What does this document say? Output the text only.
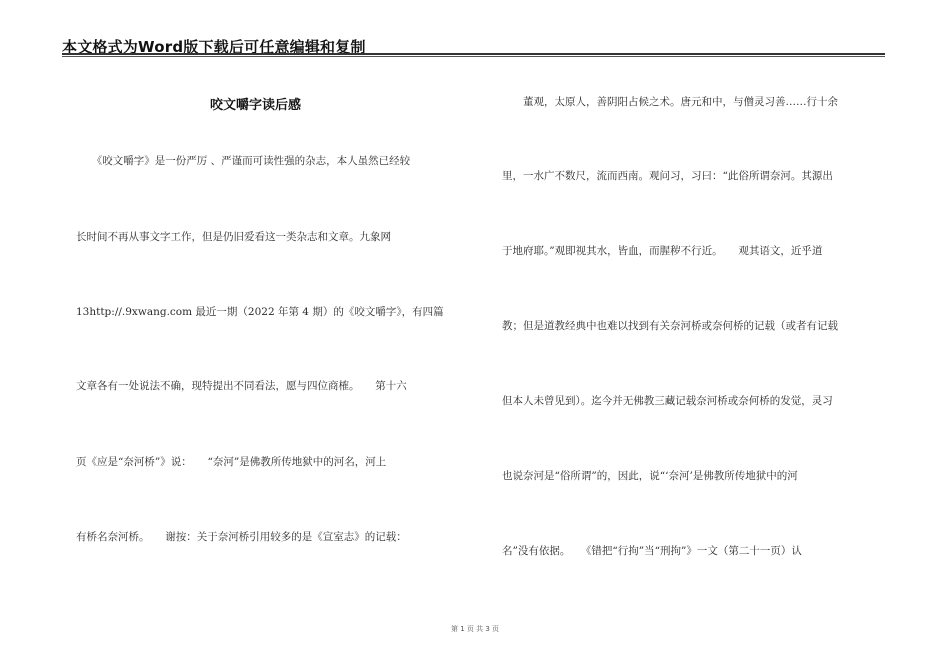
本文格式为Word版下载后可任意编辑和复制
咬文嚼字读后感
　　《咬文嚼字》是一份严厉 、严谨而可读性强的杂志，本人虽然已经较
长时间不再从事文字工作，但是仍旧爱看这一类杂志和文章。九象网
13http://.9xwang.com 最近一期（2022 年第 4 期）的《咬文嚼字》，有四篇
文章各有一处说法不确，现特提出不同看法，愿与四位商榷。　　第十六
页《应是“奈河桥”》说：　　“奈河”是佛教所传地狱中的河名，河上
有桥名奈河桥。　　谢按：关于奈河桥引用较多的是《宣室志》的记载：
　　董观，太原人，善阴阳占候之术。唐元和中，与僧灵习善……行十余
里，一水广不数尺，流而西南。观问习，习曰：“此俗所谓奈河。其源出
于地府耶。”观即视其水，皆血，而腥秽不行近。　　观其语文，近乎道
教；但是道教经典中也难以找到有关奈河桥或奈何桥的记载（或者有记载
但本人未曾见到）。迄今并无佛教三藏记载奈河桥或奈何桥的发觉，灵习
也说奈河是“俗所谓”的，因此，说“‘奈河’是佛教所传地狱中的河
名”没有依据。　　《错把“行拘”当“刑拘”》一文（第二十一页）认
第 1 页 共 3 页
